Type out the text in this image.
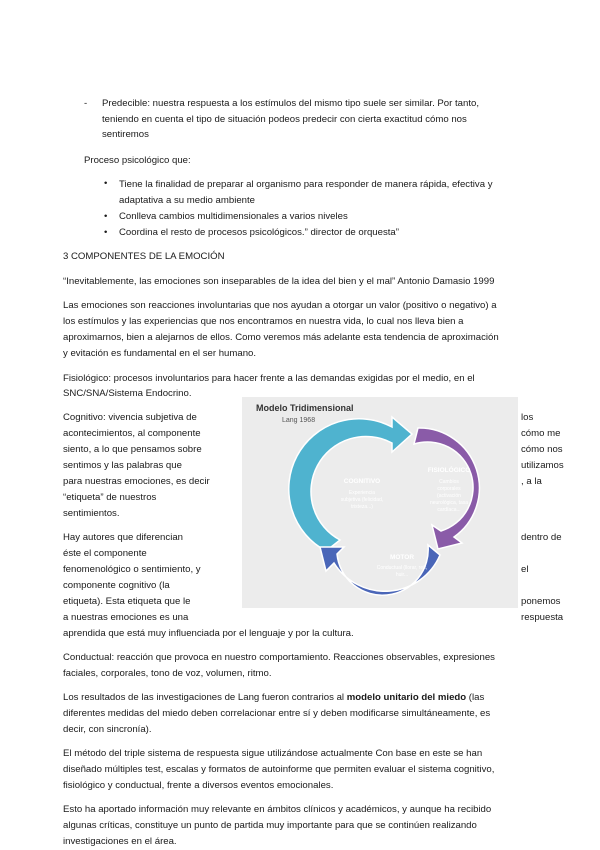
- Predecible: nuestra respuesta a los estímulos del mismo tipo suele ser similar. Por tanto,
teniendo en cuenta el tipo de situación podeos predecir con cierta exactitud cómo nos
sentiremos
Proceso psicológico que:
• Tiene la finalidad de preparar al organismo para responder de manera rápida, efectiva y
adaptativa a su medio ambiente
• Conlleva cambios multidimensionales a varios niveles
• Coordina el resto de procesos psicológicos.” director de orquesta”
3 COMPONENTES DE LA EMOCIÓN
“Inevitablemente, las emociones son inseparables de la idea del bien y el mal” Antonio Damasio 1999
Las emociones son reacciones involuntarias que nos ayudan a otorgar un valor (positivo o negativo) a
los estímulos y las experiencias que nos encontramos en nuestra vida, lo cual nos lleva bien a
aproximarnos, bien a alejarnos de ellos. Como veremos más adelante esta tendencia de aproximación
y evitación es fundamental en el ser humano.
Fisiológico: procesos involuntarios para hacer frente a las demandas exigidas por el medio, en el
SNC/SNA/Sistema Endocrino.
Cognitivo: vivencia subjetiva de
acontecimientos, al componente
siento, a lo que pensamos sobre
sentimos y las palabras que
para nuestras emociones, es decir
“etiqueta” de nuestros
sentimientos.
los
cómo me
cómo nos
utilizamos
, a la
Hay autores que diferencian
éste el componente
fenomenológico o sentimiento, y
componente cognitivo (la
etiqueta). Esta etiqueta que le
a nuestras emociones es una
aprendida que está muy influenciada por el lenguaje y por la cultura.
dentro de
el
ponemos
respuesta
Conductual: reacción que provoca en nuestro comportamiento. Reacciones observables, expresiones
faciales, corporales, tono de voz, volumen, ritmo.
Los resultados de las investigaciones de Lang fueron contrarios al modelo unitario del miedo (las
diferentes medidas del miedo deben correlacionar entre sí y deben modificarse simultáneamente, es
decir, con sincronía).
El método del triple sistema de respuesta sigue utilizándose actualmente Con base en este se han
diseñado múltiples test, escalas y formatos de autoinforme que permiten evaluar el sistema cognitivo,
fisiológico y conductual, frente a diversos eventos emocionales.
Esto ha aportado información muy relevante en ámbitos clínicos y académicos, y aunque ha recibido
algunas críticas, constituye un punto de partida muy importante para que se continúen realizando
investigaciones en el área.
Modelo Tridimensional
Lang 1968
COGNITIVO
Experiencia
subjetiva (felicidad,
tristeza...)
FISIOLÓGICO
Cambios
corporales
(activación
neurológica, tasa
cardíaca...
MOTOR
Conductual (llorar, reír,
huir...
